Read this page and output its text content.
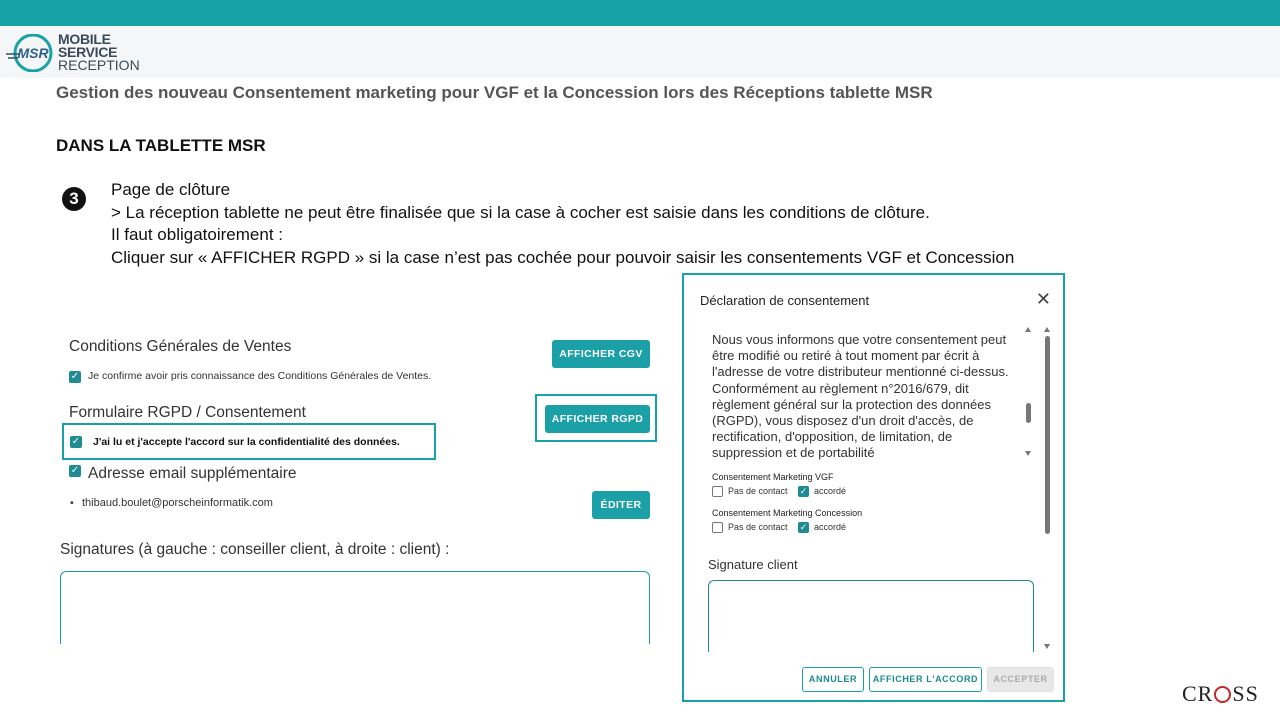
MSR
MOBILE
SERVICE
RECEPTION
Gestion des nouveau Consentement marketing pour VGF et la Concession lors des Réceptions tablette MSR
DANS LA TABLETTE MSR
3	Page de clôture
> La réception tablette ne peut être finalisée que si la case à cocher est saisie dans les conditions de clôture.
Il faut obligatoirement :
Cliquer sur « AFFICHER RGPD » si la case n’est pas cochée pour pouvoir saisir les consentements VGF et Concession
Conditions Générales de Ventes	AFFICHER CGV
✓ Je confirme avoir pris connaissance des Conditions Générales de Ventes.
Formulaire RGPD / Consentement	AFFICHER RGPD
✓ J'ai lu et j'accepte l'accord sur la confidentialité des données.
✓ Adresse email supplémentaire
• thibaud.boulet@porscheinformatik.com	ÉDITER
Signatures (à gauche : conseiller client, à droite : client) :
Déclaration de consentement	✕
Nous vous informons que votre consentement peut être modifié ou retiré à tout moment par écrit à l'adresse de votre distributeur mentionné ci-dessus. Conformément au règlement n°2016/679, dit règlement général sur la protection des données (RGPD), vous disposez d'un droit d'accès, de rectification, d'opposition, de limitation, de suppression et de portabilité
Consentement Marketing VGF
Pas de contact ✓ accordé
Consentement Marketing Concession
Pas de contact ✓ accordé
Signature client
ANNULER	AFFICHER L'ACCORD	ACCEPTER
CR SS
